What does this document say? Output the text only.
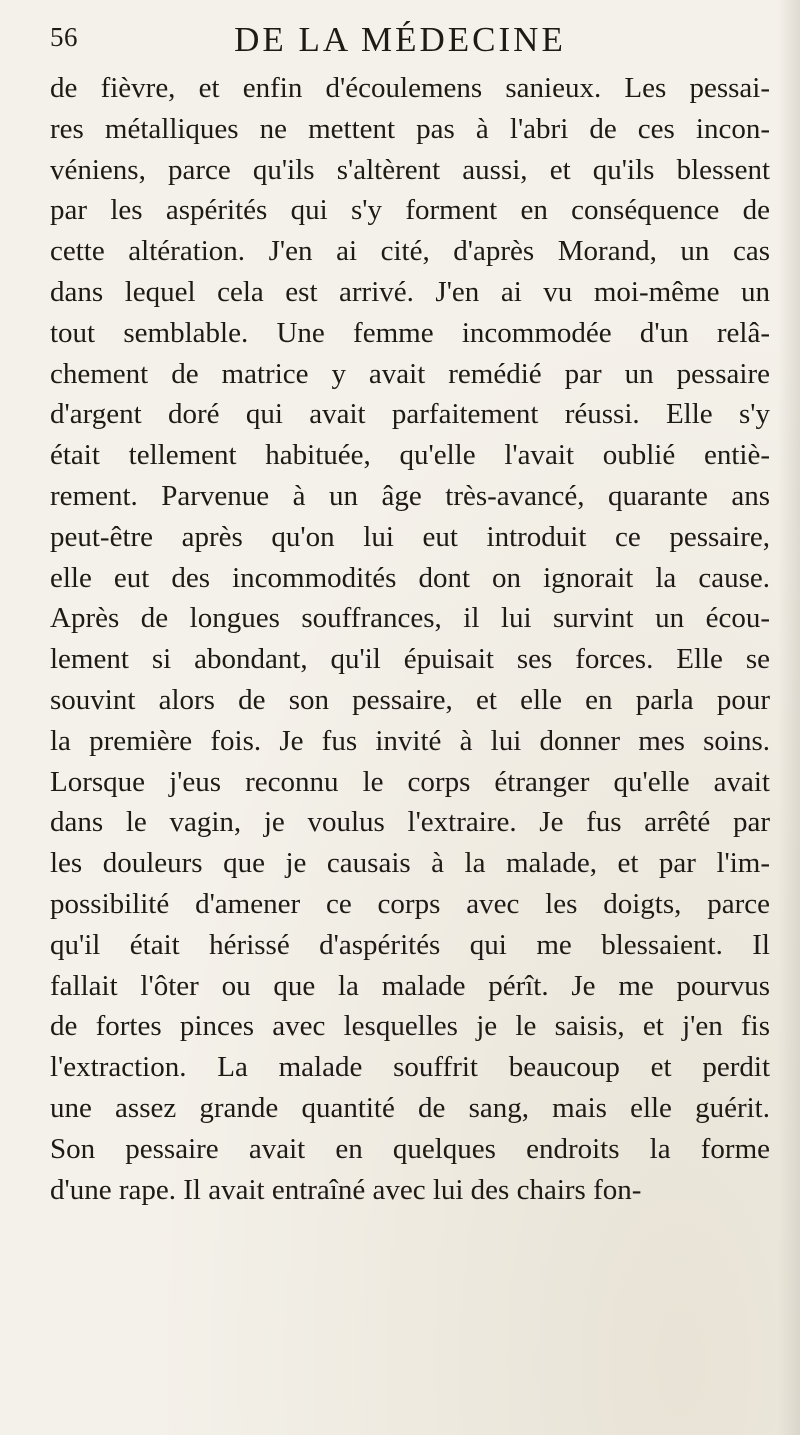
56	DE LA MÉDECINE
de fièvre, et enfin d'écoulemens sanieux. Les pessai-
res métalliques ne mettent pas à l'abri de ces incon-
véniens, parce qu'ils s'altèrent aussi, et qu'ils blessent
par les aspérités qui s'y forment en conséquence de
cette altération. J'en ai cité, d'après Morand, un cas
dans lequel cela est arrivé. J'en ai vu moi-même un
tout semblable. Une femme incommodée d'un relâ-
chement de matrice y avait remédié par un pessaire
d'argent doré qui avait parfaitement réussi. Elle s'y
était tellement habituée, qu'elle l'avait oublié entiè-
rement. Parvenue à un âge très-avancé, quarante ans
peut-être après qu'on lui eut introduit ce pessaire,
elle eut des incommodités dont on ignorait la cause.
Après de longues souffrances, il lui survint un écou-
lement si abondant, qu'il épuisait ses forces. Elle se
souvint alors de son pessaire, et elle en parla pour
la première fois. Je fus invité à lui donner mes soins.
Lorsque j'eus reconnu le corps étranger qu'elle avait
dans le vagin, je voulus l'extraire. Je fus arrêté par
les douleurs que je causais à la malade, et par l'im-
possibilité d'amener ce corps avec les doigts, parce
qu'il était hérissé d'aspérités qui me blessaient. Il
fallait l'ôter ou que la malade pérît. Je me pourvus
de fortes pinces avec lesquelles je le saisis, et j'en fis
l'extraction. La malade souffrit beaucoup et perdit
une assez grande quantité de sang, mais elle guérit.
Son pessaire avait en quelques endroits la forme
d'une rape. Il avait entraîné avec lui des chairs fon-
